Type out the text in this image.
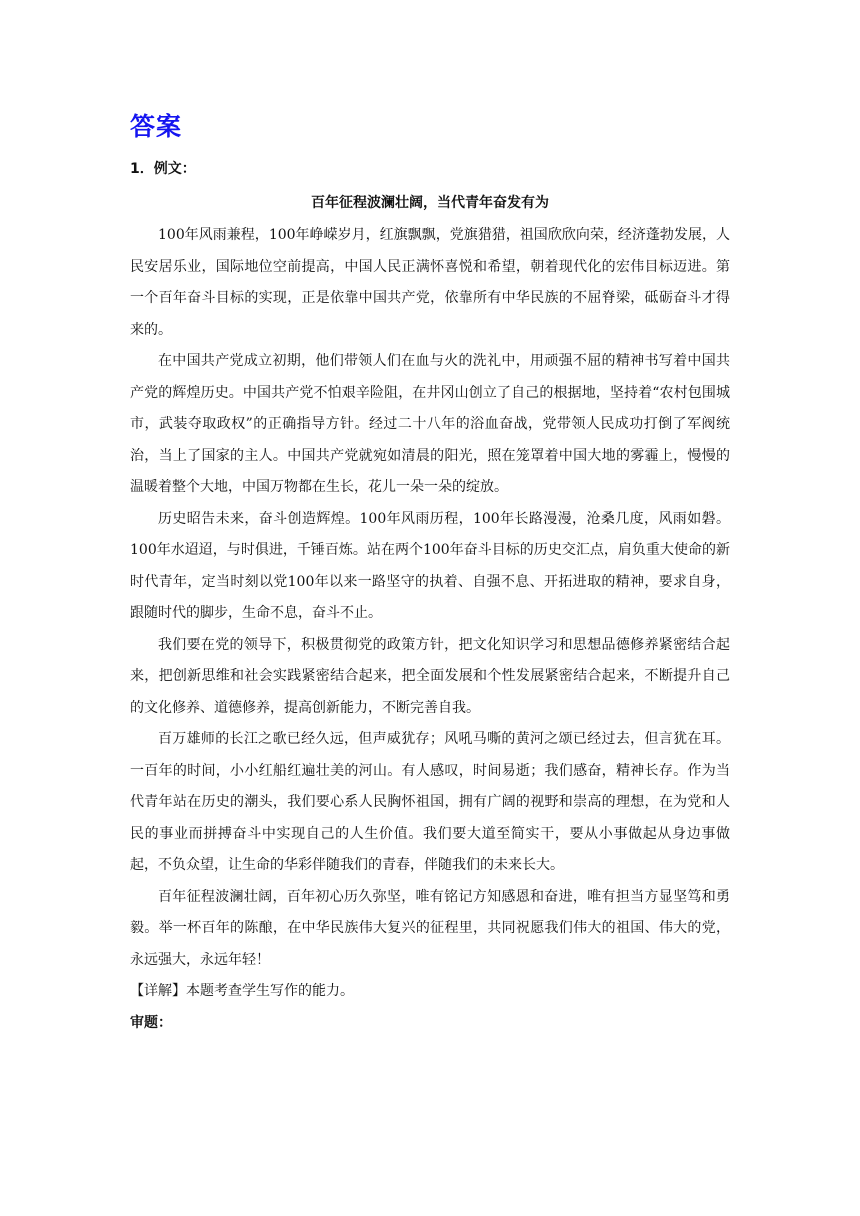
答案

1．例文：

百年征程波澜壮阔，当代青年奋发有为

100年风雨兼程，100年峥嵘岁月，红旗飘飘，党旗猎猎，祖国欣欣向荣，经济蓬勃发展，人民安居乐业，国际地位空前提高，中国人民正满怀喜悦和希望，朝着现代化的宏伟目标迈进。第一个百年奋斗目标的实现，正是依靠中国共产党，依靠所有中华民族的不屈脊梁，砥砺奋斗才得来的。

在中国共产党成立初期，他们带领人们在血与火的洗礼中，用顽强不屈的精神书写着中国共产党的辉煌历史。中国共产党不怕艰辛险阻，在井冈山创立了自己的根据地，坚持着“农村包围城市，武装夺取政权”的正确指导方针。经过二十八年的浴血奋战，党带领人民成功打倒了军阀统治，当上了国家的主人。中国共产党就宛如清晨的阳光，照在笼罩着中国大地的雾霾上，慢慢的温暖着整个大地，中国万物都在生长，花儿一朵一朵的绽放。

历史昭告未来，奋斗创造辉煌。100年风雨历程，100年长路漫漫，沧桑几度，风雨如磐。100年水迢迢，与时俱进，千锤百炼。站在两个100年奋斗目标的历史交汇点，肩负重大使命的新时代青年，定当时刻以党100年以来一路坚守的执着、自强不息、开拓进取的精神，要求自身，跟随时代的脚步，生命不息，奋斗不止。

我们要在党的领导下，积极贯彻党的政策方针，把文化知识学习和思想品德修养紧密结合起来，把创新思维和社会实践紧密结合起来，把全面发展和个性发展紧密结合起来，不断提升自己的文化修养、道德修养，提高创新能力，不断完善自我。

百万雄师的长江之歌已经久远，但声威犹存；风吼马嘶的黄河之颂已经过去，但言犹在耳。一百年的时间，小小红船红遍壮美的河山。有人感叹，时间易逝；我们感奋，精神长存。作为当代青年站在历史的潮头，我们要心系人民胸怀祖国，拥有广阔的视野和崇高的理想，在为党和人民的事业而拼搏奋斗中实现自己的人生价值。我们要大道至简实干，要从小事做起从身边事做起，不负众望，让生命的华彩伴随我们的青春，伴随我们的未来长大。

百年征程波澜壮阔，百年初心历久弥坚，唯有铭记方知感恩和奋进，唯有担当方显坚笃和勇毅。举一杯百年的陈酿，在中华民族伟大复兴的征程里，共同祝愿我们伟大的祖国、伟大的党，永远强大，永远年轻！

【详解】本题考查学生写作的能力。

审题：
